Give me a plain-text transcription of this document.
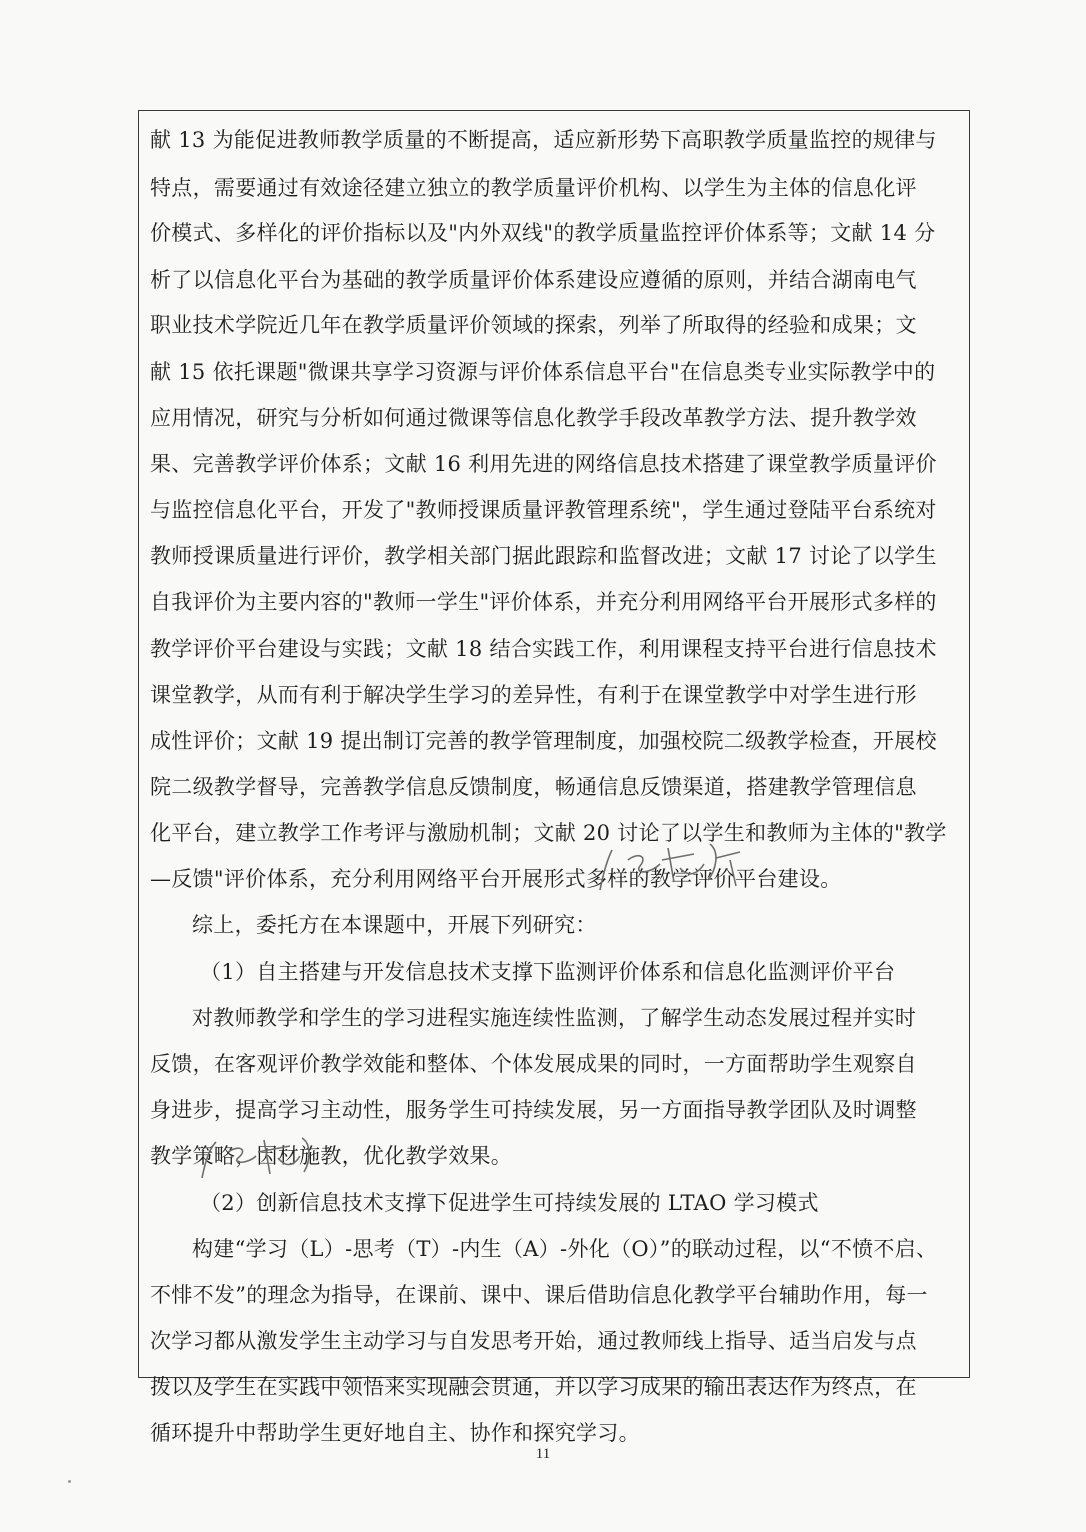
献 13 为能促进教师教学质量的不断提高，适应新形势下高职教学质量监控的规律与
特点，需要通过有效途径建立独立的教学质量评价机构、以学生为主体的信息化评
价模式、多样化的评价指标以及"内外双线"的教学质量监控评价体系等；文献 14 分
析了以信息化平台为基础的教学质量评价体系建设应遵循的原则，并结合湖南电气
职业技术学院近几年在教学质量评价领域的探索，列举了所取得的经验和成果；文
献 15 依托课题"微课共享学习资源与评价体系信息平台"在信息类专业实际教学中的
应用情况，研究与分析如何通过微课等信息化教学手段改革教学方法、提升教学效
果、完善教学评价体系；文献 16 利用先进的网络信息技术搭建了课堂教学质量评价
与监控信息化平台，开发了"教师授课质量评教管理系统"，学生通过登陆平台系统对
教师授课质量进行评价，教学相关部门据此跟踪和监督改进；文献 17 讨论了以学生
自我评价为主要内容的"教师一学生"评价体系，并充分利用网络平台开展形式多样的
教学评价平台建设与实践；文献 18 结合实践工作，利用课程支持平台进行信息技术
课堂教学，从而有利于解决学生学习的差异性，有利于在课堂教学中对学生进行形
成性评价；文献 19 提出制订完善的教学管理制度，加强校院二级教学检查，开展校
院二级教学督导，完善教学信息反馈制度，畅通信息反馈渠道，搭建教学管理信息
化平台，建立教学工作考评与激励机制；文献 20 讨论了以学生和教师为主体的"教学
—反馈"评价体系，充分利用网络平台开展形式多样的教学评价平台建设。
综上，委托方在本课题中，开展下列研究：
（1）自主搭建与开发信息技术支撑下监测评价体系和信息化监测评价平台
对教师教学和学生的学习进程实施连续性监测，了解学生动态发展过程并实时
反馈，在客观评价教学效能和整体、个体发展成果的同时，一方面帮助学生观察自
身进步，提高学习主动性，服务学生可持续发展，另一方面指导教学团队及时调整
教学策略，因材施教，优化教学效果。
（2）创新信息技术支撑下促进学生可持续发展的 LTAO 学习模式
构建“学习（L）-思考（T）-内生（A）-外化（O）”的联动过程，以“不愤不启、
不悱不发”的理念为指导，在课前、课中、课后借助信息化教学平台辅助作用，每一
次学习都从激发学生主动学习与自发思考开始，通过教师线上指导、适当启发与点
拨以及学生在实践中领悟来实现融会贯通，并以学习成果的输出表达作为终点，在
循环提升中帮助学生更好地自主、协作和探究学习。
11
